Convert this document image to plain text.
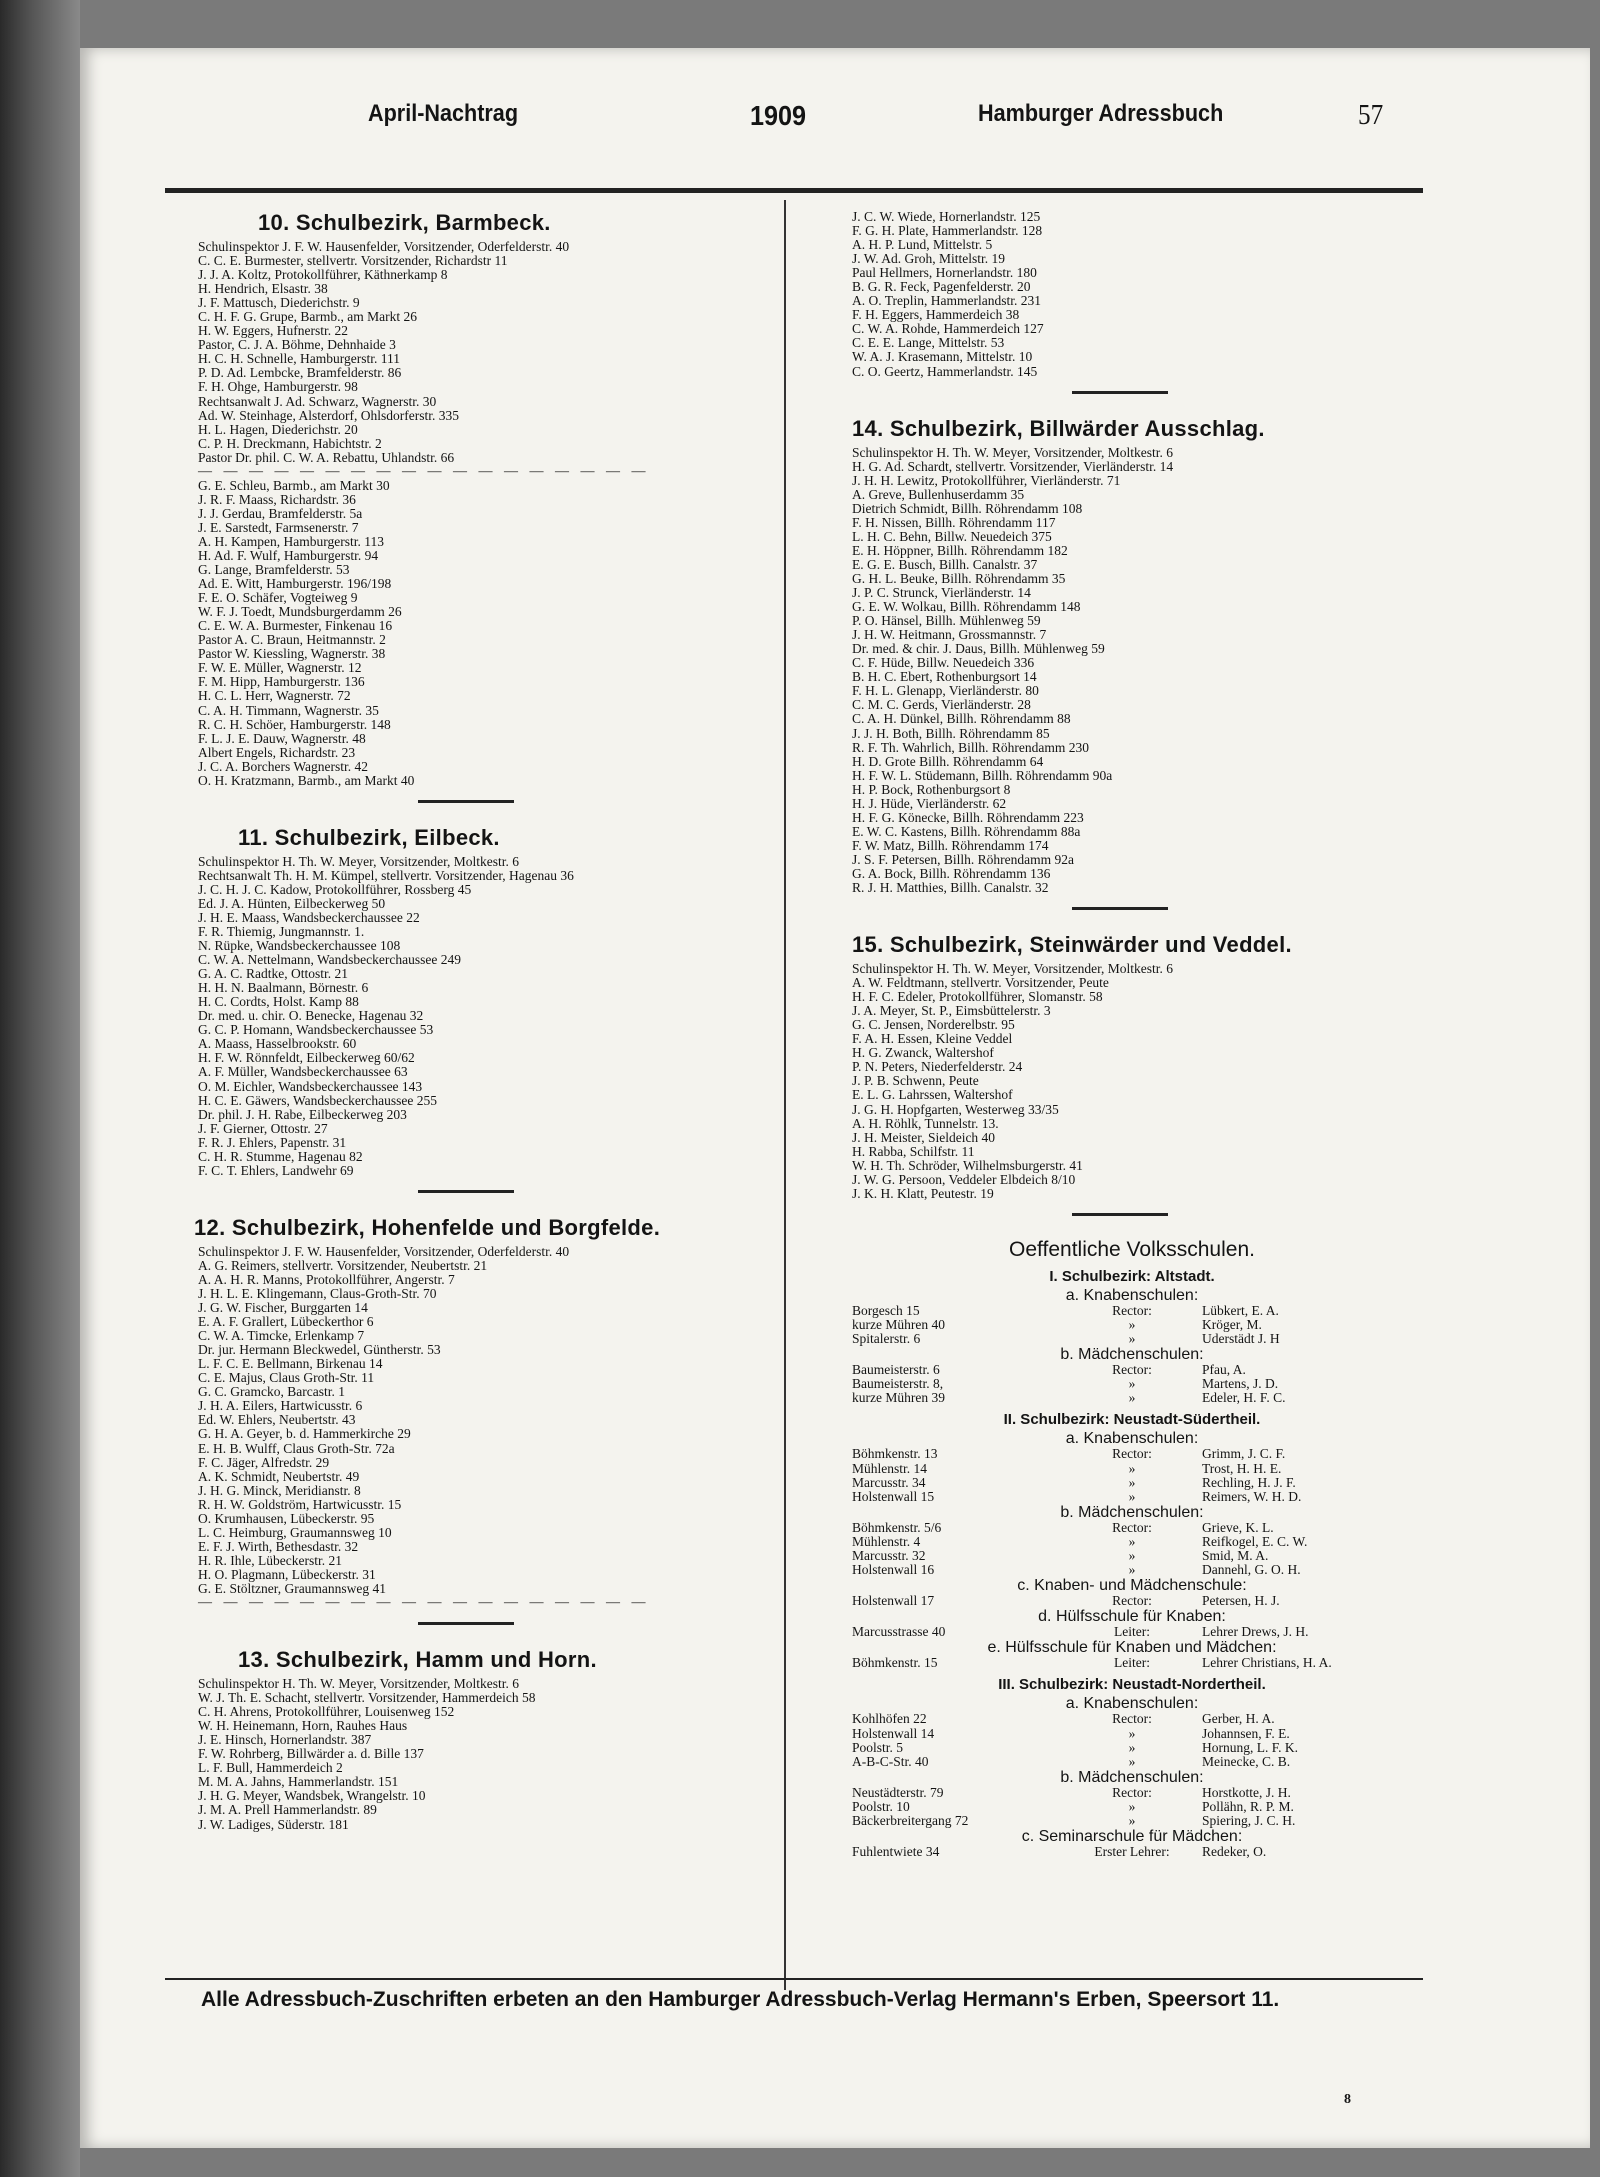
April-Nachtrag	1909	Hamburger Adressbuch	57
10. Schulbezirk, Barmbeck.
Schulinspektor J. F. W. Hausenfelder, Vorsitzender, Oderfelderstr. 40
C. C. E. Burmester, stellvertr. Vorsitzender, Richardstr 11
J. J. A. Koltz, Protokollführer, Käthnerkamp 8
H. Hendrich, Elsastr. 38
J. F. Mattusch, Diederichstr. 9
C. H. F. G. Grupe, Barmb., am Markt 26
H. W. Eggers, Hufnerstr. 22
Pastor, C. J. A. Böhme, Dehnhaide 3
H. C. H. Schnelle, Hamburgerstr. 111
P. D. Ad. Lembcke, Bramfelderstr. 86
F. H. Ohge, Hamburgerstr. 98
Rechtsanwalt J. Ad. Schwarz, Wagnerstr. 30
Ad. W. Steinhage, Alsterdorf, Ohlsdorferstr. 335
H. L. Hagen, Diederichstr. 20
C. P. H. Dreckmann, Habichtstr. 2
Pastor Dr. phil. C. W. A. Rebattu, Uhlandstr. 66
— — — — — — — — — — — — — — — — — —
G. E. Schleu, Barmb., am Markt 30
J. R. F. Maass, Richardstr. 36
J. J. Gerdau, Bramfelderstr. 5a
J. E. Sarstedt, Farmsenerstr. 7
A. H. Kampen, Hamburgerstr. 113
H. Ad. F. Wulf, Hamburgerstr. 94
G. Lange, Bramfelderstr. 53
Ad. E. Witt, Hamburgerstr. 196/198
F. E. O. Schäfer, Vogteiweg 9
W. F. J. Toedt, Mundsburgerdamm 26
C. E. W. A. Burmester, Finkenau 16
Pastor A. C. Braun, Heitmannstr. 2
Pastor W. Kiessling, Wagnerstr. 38
F. W. E. Müller, Wagnerstr. 12
F. M. Hipp, Hamburgerstr. 136
H. C. L. Herr, Wagnerstr. 72
C. A. H. Timmann, Wagnerstr. 35
R. C. H. Schöer, Hamburgerstr. 148
F. L. J. E. Dauw, Wagnerstr. 48
Albert Engels, Richardstr. 23
J. C. A. Borchers Wagnerstr. 42
O. H. Kratzmann, Barmb., am Markt 40
11. Schulbezirk, Eilbeck.
Schulinspektor H. Th. W. Meyer, Vorsitzender, Moltkestr. 6
Rechtsanwalt Th. H. M. Kümpel, stellvertr. Vorsitzender, Hagenau 36
J. C. H. J. C. Kadow, Protokollführer, Rossberg 45
Ed. J. A. Hünten, Eilbeckerweg 50
J. H. E. Maass, Wandsbeckerchaussee 22
F. R. Thiemig, Jungmannstr. 1.
N. Rüpke, Wandsbeckerchaussee 108
C. W. A. Nettelmann, Wandsbeckerchaussee 249
G. A. C. Radtke, Ottostr. 21
H. H. N. Baalmann, Börnestr. 6
H. C. Cordts, Holst. Kamp 88
Dr. med. u. chir. O. Benecke, Hagenau 32
G. C. P. Homann, Wandsbeckerchaussee 53
A. Maass, Hasselbrookstr. 60
H. F. W. Rönnfeldt, Eilbeckerweg 60/62
A. F. Müller, Wandsbeckerchaussee 63
O. M. Eichler, Wandsbeckerchaussee 143
H. C. E. Gäwers, Wandsbeckerchaussee 255
Dr. phil. J. H. Rabe, Eilbeckerweg 203
J. F. Gierner, Ottostr. 27
F. R. J. Ehlers, Papenstr. 31
C. H. R. Stumme, Hagenau 82
F. C. T. Ehlers, Landwehr 69
12. Schulbezirk, Hohenfelde und Borgfelde.
Schulinspektor J. F. W. Hausenfelder, Vorsitzender, Oderfelderstr. 40
A. G. Reimers, stellvertr. Vorsitzender, Neubertstr. 21
A. A. H. R. Manns, Protokollführer, Angerstr. 7
J. H. L. E. Klingemann, Claus-Groth-Str. 70
J. G. W. Fischer, Burggarten 14
E. A. F. Grallert, Lübeckerthor 6
C. W. A. Timcke, Erlenkamp 7
Dr. jur. Hermann Bleckwedel, Güntherstr. 53
L. F. C. E. Bellmann, Birkenau 14
C. E. Majus, Claus Groth-Str. 11
G. C. Gramcko, Barcastr. 1
J. H. A. Eilers, Hartwicusstr. 6
Ed. W. Ehlers, Neubertstr. 43
G. H. A. Geyer, b. d. Hammerkirche 29
E. H. B. Wulff, Claus Groth-Str. 72a
F. C. Jäger, Alfredstr. 29
A. K. Schmidt, Neubertstr. 49
J. H. G. Minck, Meridianstr. 8
R. H. W. Goldström, Hartwicusstr. 15
O. Krumhausen, Lübeckerstr. 95
L. C. Heimburg, Graumannsweg 10
E. F. J. Wirth, Bethesdastr. 32
H. R. Ihle, Lübeckerstr. 21
H. O. Plagmann, Lübeckerstr. 31
G. E. Stöltzner, Graumannsweg 41
— — — — — — — — — — — — — — — — — —
13. Schulbezirk, Hamm und Horn.
Schulinspektor H. Th. W. Meyer, Vorsitzender, Moltkestr. 6
W. J. Th. E. Schacht, stellvertr. Vorsitzender, Hammerdeich 58
C. H. Ahrens, Protokollführer, Louisenweg 152
W. H. Heinemann, Horn, Rauhes Haus
J. E. Hinsch, Hornerlandstr. 387
F. W. Rohrberg, Billwärder a. d. Bille 137
L. F. Bull, Hammerdeich 2
M. M. A. Jahns, Hammerlandstr. 151
J. H. G. Meyer, Wandsbek, Wrangelstr. 10
J. M. A. Prell Hammerlandstr. 89
J. W. Ladiges, Süderstr. 181
J. C. W. Wiede, Hornerlandstr. 125
F. G. H. Plate, Hammerlandstr. 128
A. H. P. Lund, Mittelstr. 5
J. W. Ad. Groh, Mittelstr. 19
Paul Hellmers, Hornerlandstr. 180
B. G. R. Feck, Pagenfelderstr. 20
A. O. Treplin, Hammerlandstr. 231
F. H. Eggers, Hammerdeich 38
C. W. A. Rohde, Hammerdeich 127
C. E. E. Lange, Mittelstr. 53
W. A. J. Krasemann, Mittelstr. 10
C. O. Geertz, Hammerlandstr. 145
14. Schulbezirk, Billwärder Ausschlag.
Schulinspektor H. Th. W. Meyer, Vorsitzender, Moltkestr. 6
H. G. Ad. Schardt, stellvertr. Vorsitzender, Vierländerstr. 14
J. H. H. Lewitz, Protokollführer, Vierländerstr. 71
A. Greve, Bullenhuserdamm 35
Dietrich Schmidt, Billh. Röhrendamm 108
F. H. Nissen, Billh. Röhrendamm 117
L. H. C. Behn, Billw. Neuedeich 375
E. H. Höppner, Billh. Röhrendamm 182
E. G. E. Busch, Billh. Canalstr. 37
G. H. L. Beuke, Billh. Röhrendamm 35
J. P. C. Strunck, Vierländerstr. 14
G. E. W. Wolkau, Billh. Röhrendamm 148
P. O. Hänsel, Billh. Mühlenweg 59
J. H. W. Heitmann, Grossmannstr. 7
Dr. med. & chir. J. Daus, Billh. Mühlenweg 59
C. F. Hüde, Billw. Neuedeich 336
B. H. C. Ebert, Rothenburgsort 14
F. H. L. Glenapp, Vierländerstr. 80
C. M. C. Gerds, Vierländerstr. 28
C. A. H. Dünkel, Billh. Röhrendamm 88
J. J. H. Both, Billh. Röhrendamm 85
R. F. Th. Wahrlich, Billh. Röhrendamm 230
H. D. Grote Billh. Röhrendamm 64
H. F. W. L. Stüdemann, Billh. Röhrendamm 90a
H. P. Bock, Rothenburgsort 8
H. J. Hüde, Vierländerstr. 62
H. F. G. Könecke, Billh. Röhrendamm 223
E. W. C. Kastens, Billh. Röhrendamm 88a
F. W. Matz, Billh. Röhrendamm 174
J. S. F. Petersen, Billh. Röhrendamm 92a
G. A. Bock, Billh. Röhrendamm 136
R. J. H. Matthies, Billh. Canalstr. 32
15. Schulbezirk, Steinwärder und Veddel.
Schulinspektor H. Th. W. Meyer, Vorsitzender, Moltkestr. 6
A. W. Feldtmann, stellvertr. Vorsitzender, Peute
H. F. C. Edeler, Protokollführer, Slomanstr. 58
J. A. Meyer, St. P., Eimsbüttelerstr. 3
G. C. Jensen, Norderelbstr. 95
F. A. H. Essen, Kleine Veddel
H. G. Zwanck, Waltershof
P. N. Peters, Niederfelderstr. 24
J. P. B. Schwenn, Peute
E. L. G. Lahrssen, Waltershof
J. G. H. Hopfgarten, Westerweg 33/35
A. H. Röhlk, Tunnelstr. 13.
J. H. Meister, Sieldeich 40
H. Rabba, Schilfstr. 11
W. H. Th. Schröder, Wilhelmsburgerstr. 41
J. W. G. Persoon, Veddeler Elbdeich 8/10
J. K. H. Klatt, Peutestr. 19
Oeffentliche Volksschulen.
I. Schulbezirk: Altstadt.
a. Knabenschulen:
Borgesch 15	Rector:	Lübkert, E. A.
kurze Mühren 40	»	Kröger, M.
Spitalerstr. 6	»	Uderstädt J. H
b. Mädchenschulen:
Baumeisterstr. 6	Rector:	Pfau, A.
Baumeisterstr. 8,	»	Martens, J. D.
kurze Mühren 39	»	Edeler, H. F. C.
II. Schulbezirk: Neustadt-Südertheil.
a. Knabenschulen:
Böhmkenstr. 13	Rector:	Grimm, J. C. F.
Mühlenstr. 14	»	Trost, H. H. E.
Marcusstr. 34	»	Rechling, H. J. F.
Holstenwall 15	»	Reimers, W. H. D.
b. Mädchenschulen:
Böhmkenstr. 5/6	Rector:	Grieve, K. L.
Mühlenstr. 4	»	Reifkogel, E. C. W.
Marcusstr. 32	»	Smid, M. A.
Holstenwall 16	»	Dannehl, G. O. H.
c. Knaben- und Mädchenschule:
Holstenwall 17	Rector:	Petersen, H. J.
d. Hülfsschule für Knaben:
Marcusstrasse 40	Leiter:	Lehrer Drews, J. H.
e. Hülfsschule für Knaben und Mädchen:
Böhmkenstr. 15	Leiter:	Lehrer Christians, H. A.
III. Schulbezirk: Neustadt-Nordertheil.
a. Knabenschulen:
Kohlhöfen 22	Rector:	Gerber, H. A.
Holstenwall 14	»	Johannsen, F. E.
Poolstr. 5	»	Hornung, L. F. K.
A-B-C-Str. 40	»	Meinecke, C. B.
b. Mädchenschulen:
Neustädterstr. 79	Rector:	Horstkotte, J. H.
Poolstr. 10	»	Pollähn, R. P. M.
Bäckerbreitergang 72	»	Spiering, J. C. H.
c. Seminarschule für Mädchen:
Fuhlentwiete 34	Erster Lehrer:	Redeker, O.
Alle Adressbuch-Zuschriften erbeten an den Hamburger Adressbuch-Verlag Hermann's Erben, Speersort 11.
8
